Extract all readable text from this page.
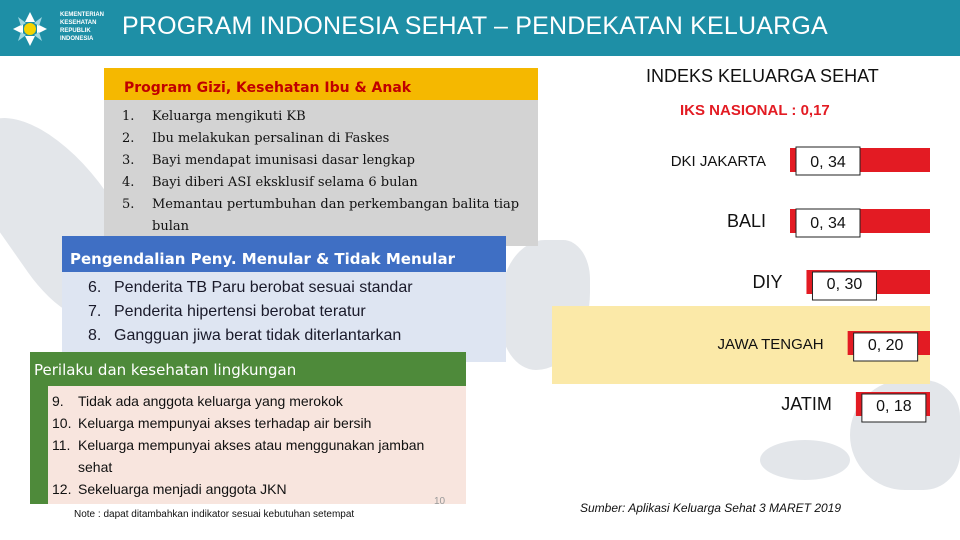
KEMENTERIAN
KESEHATAN
REPUBLIK
INDONESIA PROGRAM INDONESIA SEHAT – PENDEKATAN KELUARGA
Program Gizi, Kesehatan Ibu & Anak
1.	Keluarga mengikuti KB
2.	Ibu melakukan persalinan di Faskes
3.	Bayi mendapat imunisasi dasar lengkap
4.	Bayi diberi ASI eksklusif selama 6 bulan
5.	Memantau pertumbuhan dan perkembangan balita tiap bulan
Pengendalian Peny. Menular & Tidak Menular
6. Penderita TB Paru berobat sesuai standar
7. Penderita hipertensi berobat teratur
8. Gangguan jiwa berat tidak diterlantarkan
Perilaku dan kesehatan lingkungan
9.	Tidak ada anggota keluarga yang merokok
10. Keluarga mempunyai akses terhadap air bersih
11. Keluarga mempunyai akses atau menggunakan jamban sehat
12. Sekeluarga menjadi anggota JKN
10
Note : dapat ditambahkan indikator sesuai kebutuhan setempat
INDEKS KELUARGA SEHAT
IKS NASIONAL : 0,17
0, 34
DKI JAKARTA
0, 34
BALI
0, 30
DIY
0, 20
JAWA TENGAH
0, 18
JATIM
Sumber: Aplikasi Keluarga Sehat 3 MARET 2019
